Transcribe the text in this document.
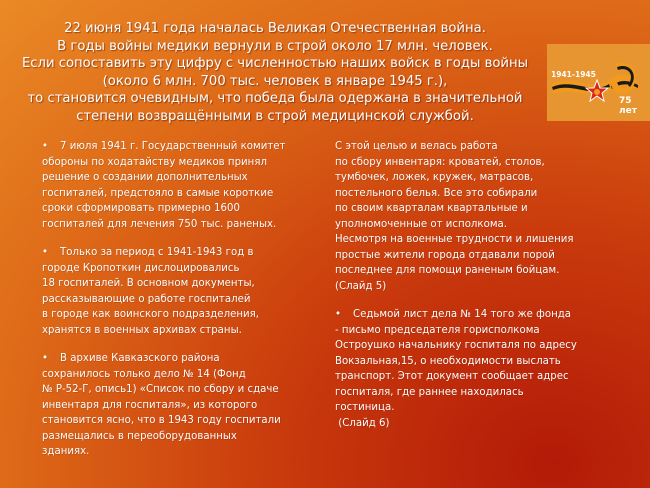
22 июня 1941 года началась Великая Отечественная война.
В годы войны медики вернули в строй около 17 млн. человек.
Если сопоставить эту цифру с численностью наших войск в годы войны
(около 6 млн. 700 тыс. человек в январе 1945 г.),
то становится очевидным, что победа была одержана в значительной
степени возвращёнными в строй медицинской службой.
1941-1945
75 лет
• 7 июля 1941 г. Государственный комитет
обороны по ходатайству медиков принял
решение о создании дополнительных
госпиталей, предстояло в самые короткие
сроки сформировать примерно 1600
госпиталей для лечения 750 тыс. раненых.
• Только за период с 1941-1943 год в
городе Кропоткин дислоцировались
18 госпиталей. В основном документы,
рассказывающие о работе госпиталей
в городе как воинского подразделения,
хранятся в военных архивах страны.
• В архиве Кавказского района
сохранилось только дело № 14 (Фонд
№ Р-52-Г, опись1) «Список по сбору и сдаче
инвентаря для госпиталя», из которого
становится ясно, что в 1943 году госпитали
размещались в переоборудованных
зданиях.
С этой целью и велась работа
по сбору инвентаря: кроватей, столов,
тумбочек, ложек, кружек, матрасов,
постельного белья. Все это собирали
по своим кварталам квартальные и
уполномоченные от исполкома.
Несмотря на военные трудности и лишения
простые жители города отдавали порой
последнее для помощи раненым бойцам.
(Слайд 5)
• Седьмой лист дела № 14 того же фонда
- письмо председателя горисполкома
Остроушко начальнику госпиталя по адресу
Вокзальная,15, о необходимости выслать
транспорт. Этот документ сообщает адрес
госпиталя, где раннее находилась
гостиница.
(Слайд 6)
